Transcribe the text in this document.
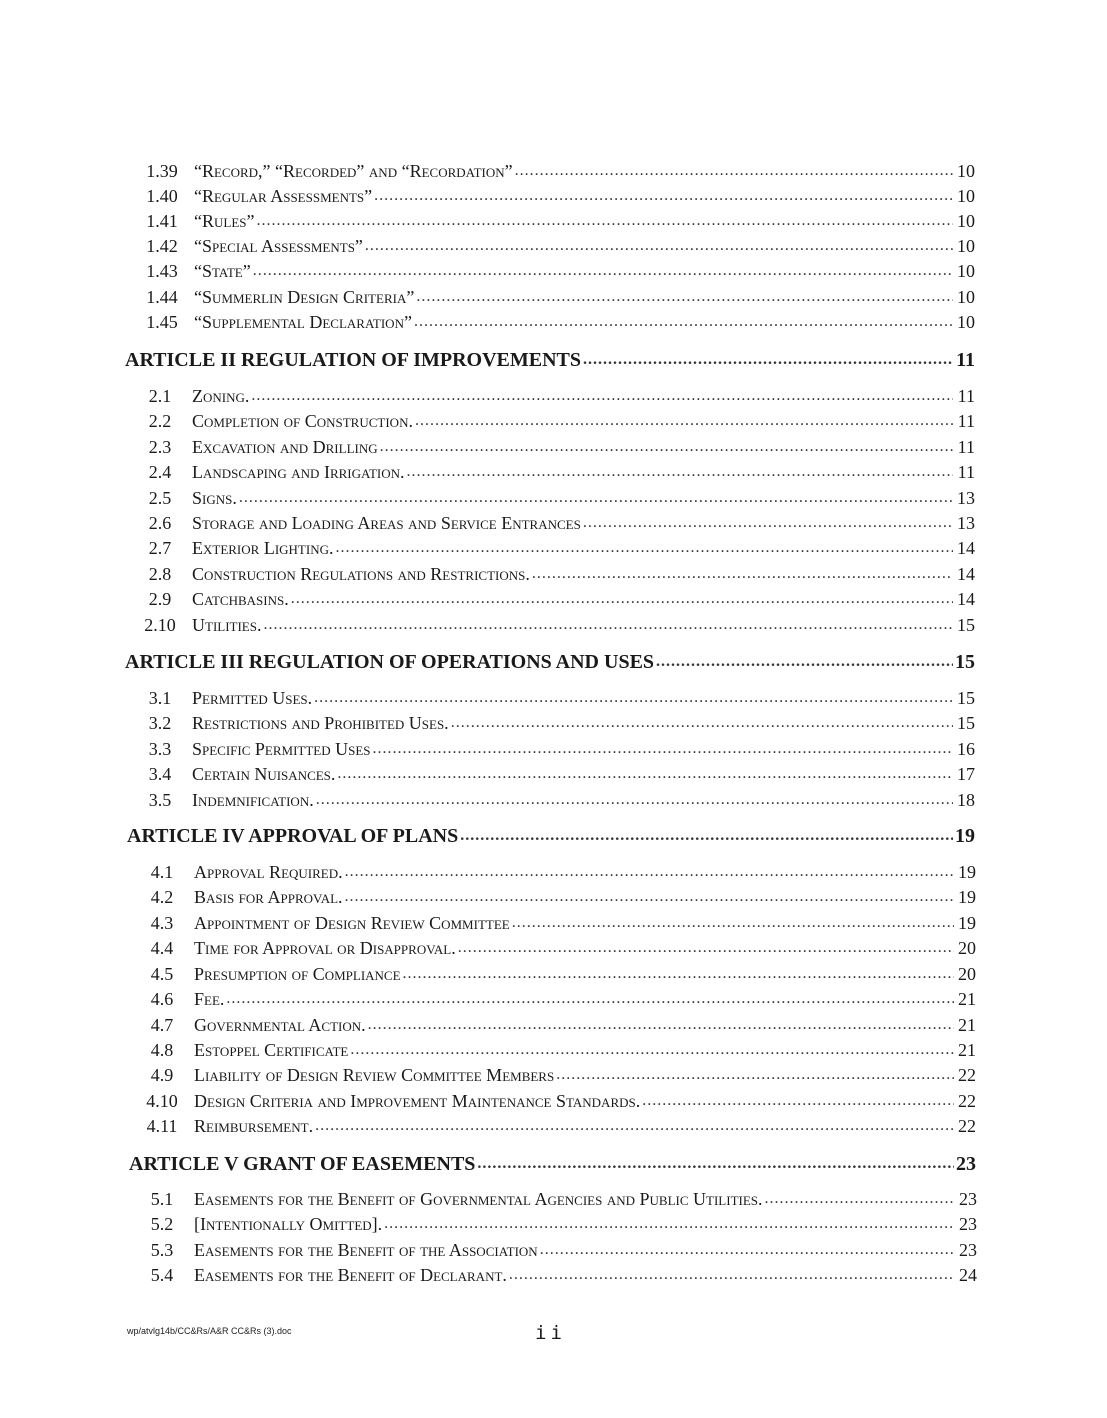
1.39 “Record,” “Recorded” and “Recordation” .....	10
1.40 “Regular Assessments” .....	10
1.41 “Rules” .....	10
1.42 “Special Assessments” .....	10
1.43 “State” .....	10
1.44 “Summerlin Design Criteria” .....	10
1.45 “Supplemental Declaration” .....	10
ARTICLE II REGULATION OF IMPROVEMENTS .....	11
2.1	Zoning. .....	11
2.2	Completion of Construction. .....	11
2.3	Excavation and Drilling .....	11
2.4	Landscaping and Irrigation. .....	11
2.5	Signs. .....	13
2.6	Storage and Loading Areas and Service Entrances .....	13
2.7	Exterior Lighting. .....	14
2.8	Construction Regulations and Restrictions. .....	14
2.9	Catchbasins. .....	14
2.10 Utilities. .....	15
ARTICLE III REGULATION OF OPERATIONS AND USES .....	15
3.1	Permitted Uses. .....	15
3.2	Restrictions and Prohibited Uses. .....	15
3.3	Specific Permitted Uses .....	16
3.4	Certain Nuisances. .....	17
3.5	Indemnification. .....	18
ARTICLE IV APPROVAL OF PLANS .....	19
4.1	Approval Required. .....	19
4.2	Basis for Approval. .....	19
4.3	Appointment of Design Review Committee .....	19
4.4	Time for Approval or Disapproval. .....	20
4.5	Presumption of Compliance .....	20
4.6	Fee. .....	21
4.7	Governmental Action. .....	21
4.8	Estoppel Certificate .....	21
4.9	Liability of Design Review Committee Members .....	22
4.10 Design Criteria and Improvement Maintenance Standards. .....	22
4.11 Reimbursement. .....	22
ARTICLE V GRANT OF EASEMENTS .....	23
5.1	Easements for the Benefit of Governmental Agencies and Public Utilities. .....	23
5.2	[Intentionally Omitted]. .....	23
5.3	Easements for the Benefit of the Association .....	23
5.4	Easements for the Benefit of Declarant. .....	24
wp/atvlg14b/CC&Rs/A&R CC&Rs (3).doc	ii
